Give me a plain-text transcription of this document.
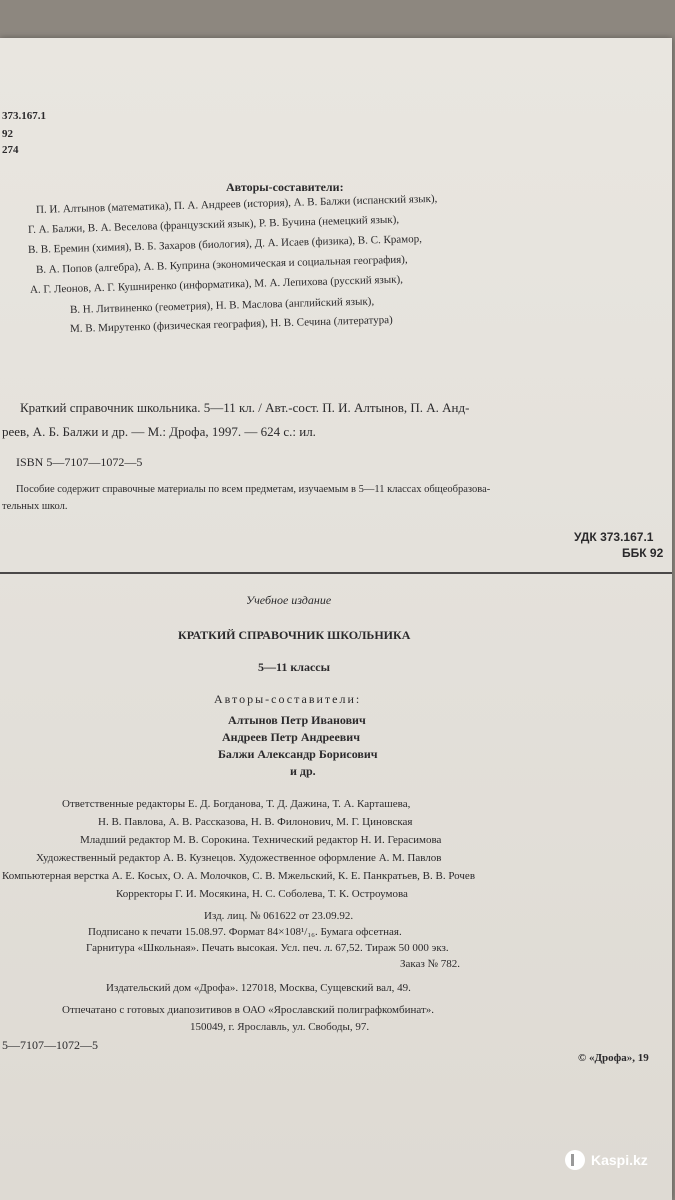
373.167.1
92
274
Авторы-составители:
П. И. Алтынов (математика), П. А. Андреев (история), А. В. Балжи (испанский язык),
Г. А. Балжи, В. А. Веселова (французский язык), Р. В. Бучина (немецкий язык),
В. В. Еремин (химия), В. Б. Захаров (биология), Д. А. Исаев (физика), В. С. Крамор,
В. А. Попов (алгебра), А. В. Куприна (экономическая и социальная география),
А. Г. Леонов, А. Г. Кушниренко (информатика), М. А. Лепихова (русский язык),
В. Н. Литвиненко (геометрия), Н. В. Маслова (английский язык),
М. В. Мирутенко (физическая география), Н. В. Сечина (литература)
Краткий справочник школьника. 5—11 кл. / Авт.-сост. П. И. Алтынов, П. А. Анд-
реев, А. Б. Балжи и др. — М.: Дрофа, 1997. — 624 с.: ил.
ISBN 5—7107—1072—5
Пособие содержит справочные материалы по всем предметам, изучаемым в 5—11 классах общеобразова-
тельных школ.
УДК 373.167.1
ББК 92
Учебное издание
КРАТКИЙ СПРАВОЧНИК ШКОЛЬНИКА
5—11 классы
Авторы-составители:
Алтынов Петр Иванович
Андреев Петр Андреевич
Балжи Александр Борисович
и др.
Ответственные редакторы Е. Д. Богданова, Т. Д. Дажина, Т. А. Карташева,
Н. В. Павлова, А. В. Рассказова, Н. В. Филонович, М. Г. Циновская
Младший редактор М. В. Сорокина. Технический редактор Н. И. Герасимова
Художественный редактор А. В. Кузнецов. Художественное оформление А. М. Павлов
Компьютерная верстка А. Е. Косых, О. А. Молочков, С. В. Мжельский, К. Е. Панкратьев, В. В. Рочев
Корректоры Г. И. Мосякина, Н. С. Соболева, Т. К. Остроумова
Изд. лиц. № 061622 от 23.09.92.
Подписано к печати 15.08.97. Формат 84×108¹/₁₆. Бумага офсетная.
Гарнитура «Школьная». Печать высокая. Усл. печ. л. 67,52. Тираж 50 000 экз.
Заказ № 782.
Издательский дом «Дрофа». 127018, Москва, Сущевский вал, 49.
Отпечатано с готовых диапозитивов в ОАО «Ярославский полиграфкомбинат».
150049, г. Ярославль, ул. Свободы, 97.
5—7107—1072—5
© «Дрофа», 19
Kaspi.kz
